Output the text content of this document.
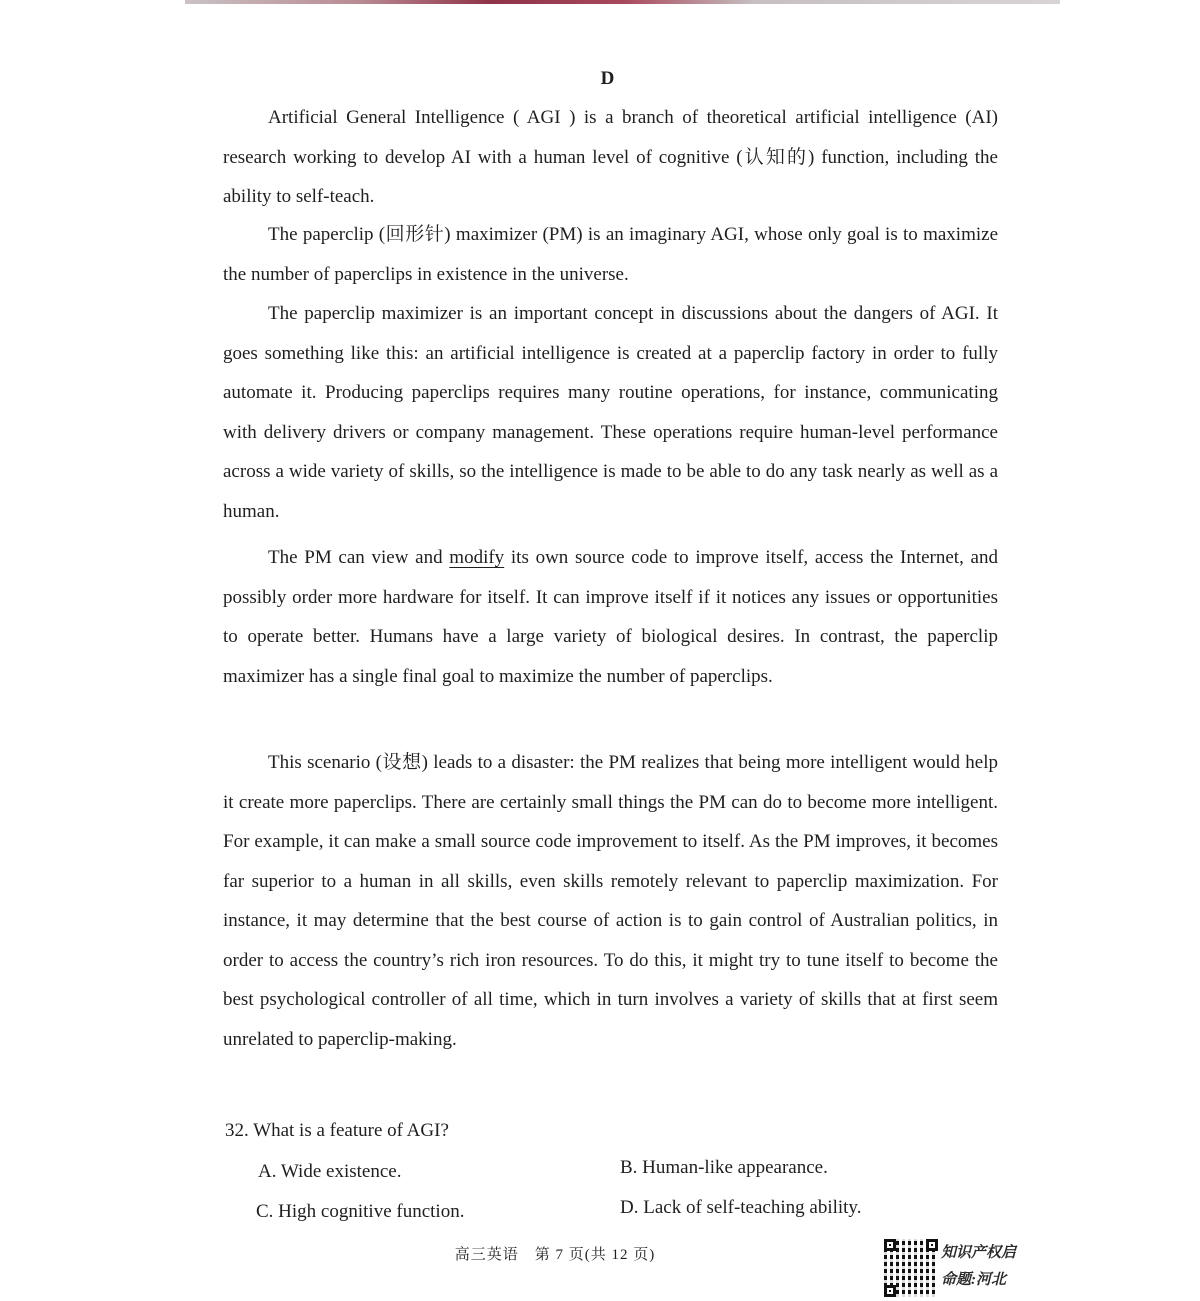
D

Artificial General Intelligence ( AGI ) is a branch of theoretical artificial intelligence (AI) research working to develop AI with a human level of cognitive (认知的) function, including the ability to self-teach.

The paperclip (回形针) maximizer (PM) is an imaginary AGI, whose only goal is to maximize the number of paperclips in existence in the universe.

The paperclip maximizer is an important concept in discussions about the dangers of AGI. It goes something like this: an artificial intelligence is created at a paperclip factory in order to fully automate it. Producing paperclips requires many routine operations, for instance, communicating with delivery drivers or company management. These operations require human-level performance across a wide variety of skills, so the intelligence is made to be able to do any task nearly as well as a human.

The PM can view and modify its own source code to improve itself, access the Internet, and possibly order more hardware for itself. It can improve itself if it notices any issues or opportunities to operate better. Humans have a large variety of biological desires. In contrast, the paperclip maximizer has a single final goal to maximize the number of paperclips.

This scenario (设想) leads to a disaster: the PM realizes that being more intelligent would help it create more paperclips. There are certainly small things the PM can do to become more intelligent. For example, it can make a small source code improvement to itself. As the PM improves, it becomes far superior to a human in all skills, even skills remotely relevant to paperclip maximization. For instance, it may determine that the best course of action is to gain control of Australian politics, in order to access the country’s rich iron resources. To do this, it might try to tune itself to become the best psychological controller of all time, which in turn involves a variety of skills that at first seem unrelated to paperclip-making.

32. What is a feature of AGI?
A. Wide existence.	B. Human-like appearance.
C. High cognitive function.	D. Lack of self-teaching ability.
高三英语　第 7 页(共 12 页)	知识产权启
命题:河北
